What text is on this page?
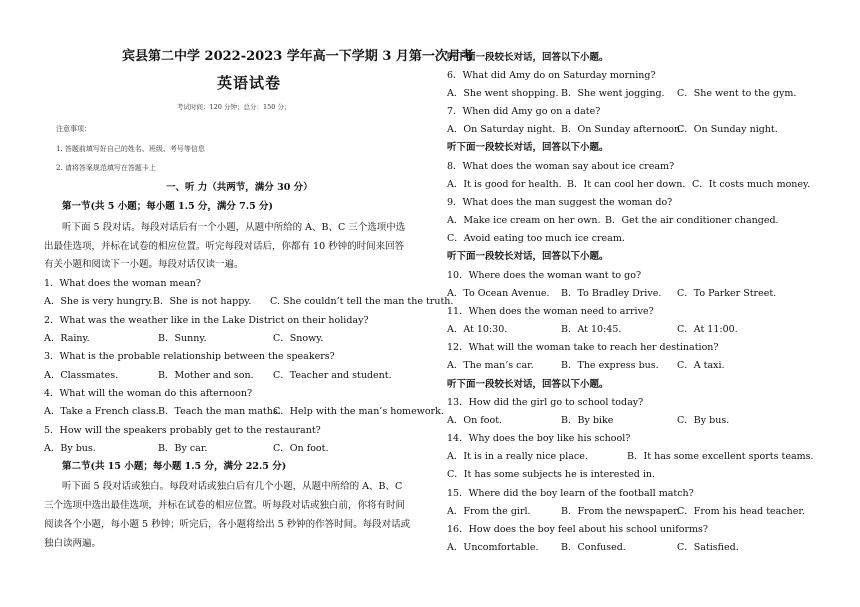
宾县第二中学 2022-2023 学年高一下学期 3 月第一次月考
英语试卷
考试时间：120 分钟；总分：150 分；
注意事项：
1. 答题前填写好自己的姓名、班级、考号等信息
2. 请将答案规范填写在答题卡上
一、听 力（共两节，满分 30 分）
第一节(共 5 小题；每小题 1.5 分，满分 7.5 分)
听下面 5 段对话。每段对话后有一个小题，从题中所给的 A、B、C 三个选项中选
出最佳选项，并标在试卷的相应位置。听完每段对话后，你都有 10 秒钟的时间来回答
有关小题和阅读下一小题。每段对话仅读一遍。
1．What does the woman mean?
A．She is very hungry. B．She is not happy. C. She couldn’t tell the man the truth.
2．What was the weather like in the Lake District on their holiday?
A．Rainy.	B．Sunny.	C．Snowy.
3．What is the probable relationship between the speakers?
A．Classmates.	B．Mother and son. C．Teacher and student.
4．What will the woman do this afternoon?
A．Take a French class. B．Teach the man maths.
C．Help with the man’s homework.
5．How will the speakers probably get to the restaurant?
A．By bus.	B．By car.	C．On foot.
第二节(共 15 小题；每小题 1.5 分，满分 22.5 分)
听下面 5 段对话或独白。每段对话或独白后有几个小题，从题中所给的 A、B、C
三个选项中选出最佳选项，并标在试卷的相应位置。听每段对话或独白前，你将有时间
阅读各个小题，每小题 5 秒钟；听完后，各小题将给出 5 秒钟的作答时间。每段对话或
独白读两遍。
听下面一段较长对话，回答以下小题。
6．What did Amy do on Saturday morning?
A．She went shopping. B．She went jogging. C．She went to the gym.
7．When did Amy go on a date?
A．On Saturday night. B．On Sunday afternoon.
C．On Sunday night.
听下面一段较长对话，回答以下小题。
8．What does the woman say about ice cream?
A．It is good for health. B．It can cool her down. C．It costs much money.
9．What does the man suggest the woman do?
A．Make ice cream on her own. B．Get the air conditioner changed.
C．Avoid eating too much ice cream.
听下面一段较长对话，回答以下小题。
10．Where does the woman want to go?
A．To Ocean Avenue. B．To Bradley Drive. C．To Parker Street.
11．When does the woman need to arrive?
A．At 10:30.	B．At 10:45.	C．At 11:00.
12．What will the woman take to reach her destination?
A．The man’s car.	B．The express bus. C．A taxi.
听下面一段较长对话，回答以下小题。
13．How did the girl go to school today?
A．On foot.	B．By bike	C．By bus.
14．Why does the boy like his school?
A．It is in a really nice place.	B．It has some excellent sports teams.
C．It has some subjects he is interested in.
15．Where did the boy learn of the football match?
A．From the girl.	B．From the newspaper.
C．From his head teacher.
16．How does the boy feel about his school uniforms?
A．Uncomfortable. B．Confused.	C．Satisfied.
